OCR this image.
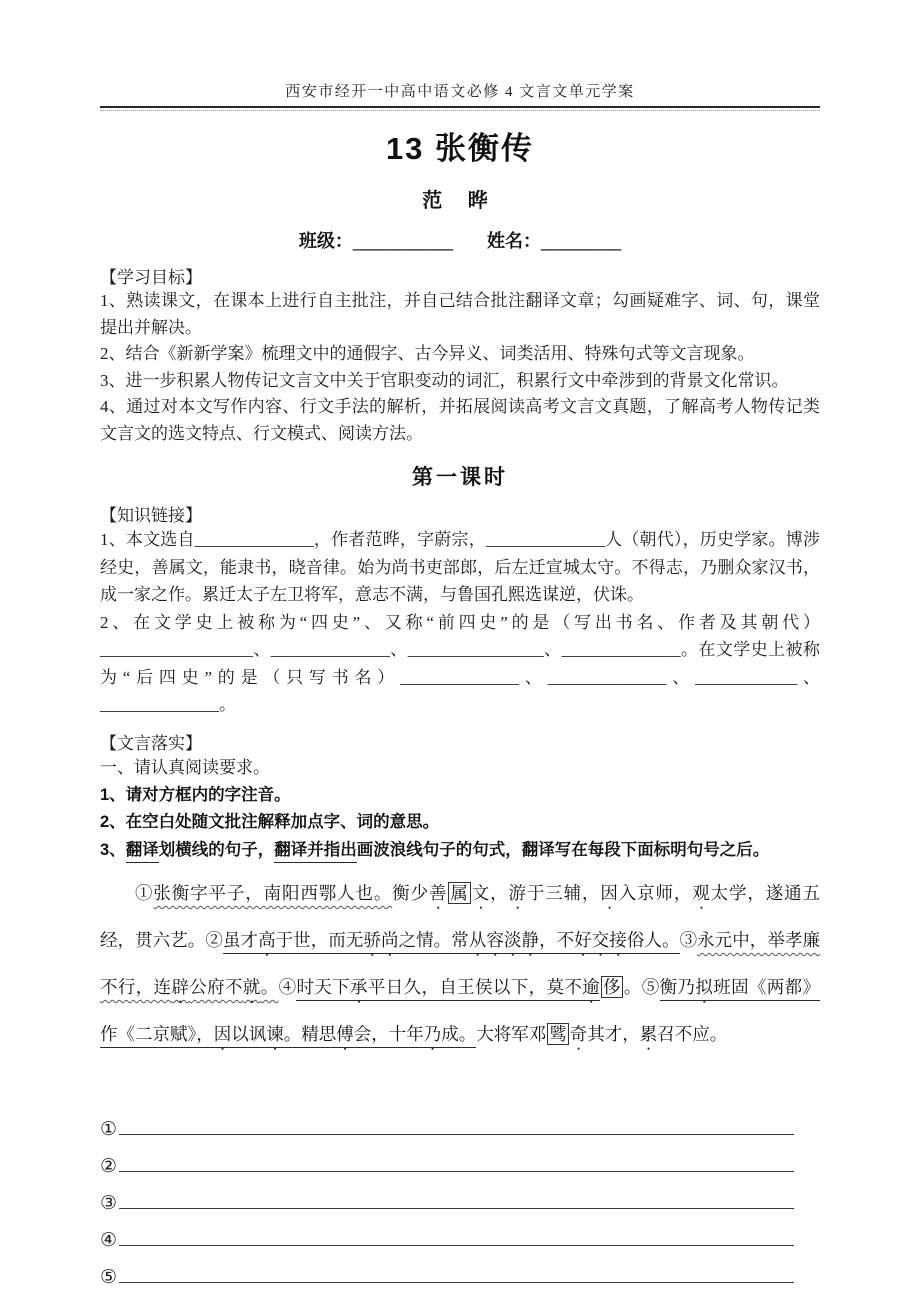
西安市经开一中高中语文必修 4 文言文单元学案
13 张衡传
范 晔
班级：__________ 姓名：________
【学习目标】

1、熟读课文，在课本上进行自主批注，并自己结合批注翻译文章；勾画疑难字、词、句，课堂提出并解决。

2、结合《新新学案》梳理文中的通假字、古今异义、词类活用、特殊句式等文言现象。

3、进一步积累人物传记文言文中关于官职变动的词汇，积累行文中牵涉到的背景文化常识。

4、通过对本文写作内容、行文手法的解析，并拓展阅读高考文言文真题，了解高考人物传记类文言文的选文特点、行文模式、阅读方法。

第一课时
【知识链接】

1、本文选自______________，作者范晔，字蔚宗，______________人（朝代），历史学家。博涉经史，善属文，能隶书，晓音律。始为尚书吏部郎，后左迁宣城太守。不得志，乃删众家汉书，成一家之作。累迁太子左卫将军，意志不满，与鲁国孔熙选谋逆，伏诛。

2、在文学史上被称为“四史”、又称“前四史”的是（写出书名、作者及其朝代）__________________、______________、________________、______________。在文学史上被称为“后四史”的是（只写书名）______________、______________、____________、______________。

【文言落实】

一、请认真阅读要求。

1、请对方框内的字注音。

2、在空白处随文批注解释加点字、词的意思。

3、翻译划横线的句子，翻译并指出画波浪线句子的句式，翻译写在每段下面标明句号之后。

①张衡字平子，南阳西鄂人也。衡少善 属 文，游于三辅，因入京师，观太学，遂通五经，贯六艺。②虽才高于世，而无骄尚之情。常从容淡静，不好交接俗人。③永元中，举孝廉不行，连辟公府不就。④时天下承平日久，自王侯以下，莫不逾 侈 。⑤衡乃拟班固《两都》作《二京赋》，因以讽谏。精思傅会，十年乃成。大将军邓 骘 奇其才，累召不应。

①
②
③
④
⑤
